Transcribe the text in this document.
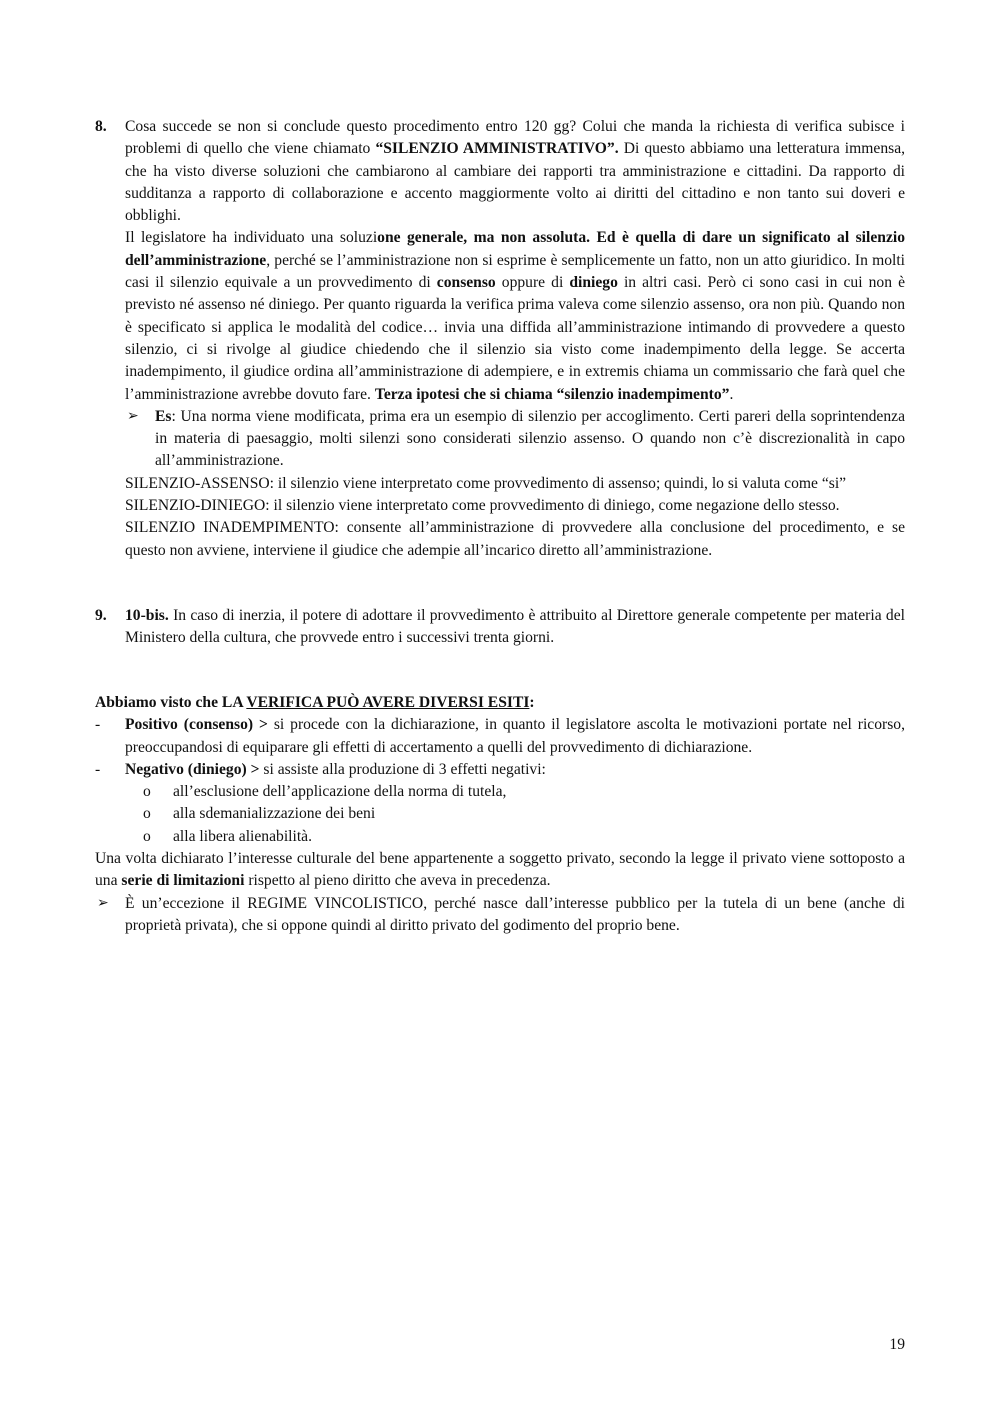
8. Cosa succede se non si conclude questo procedimento entro 120 gg? Colui che manda la richiesta di verifica subisce i problemi di quello che viene chiamato “SILENZIO AMMINISTRATIVO”. Di questo abbiamo una letteratura immensa, che ha visto diverse soluzioni che cambiarono al cambiare dei rapporti tra amministrazione e cittadini. Da rapporto di sudditanza a rapporto di collaborazione e accento maggiormente volto ai diritti del cittadino e non tanto sui doveri e obblighi.

Il legislatore ha individuato una soluzione generale, ma non assoluta. Ed è quella di dare un significato al silenzio dell’amministrazione, perché se l’amministrazione non si esprime è semplicemente un fatto, non un atto giuridico. In molti casi il silenzio equivale a un provvedimento di consenso oppure di diniego in altri casi. Però ci sono casi in cui non è previsto né assenso né diniego. Per quanto riguarda la verifica prima valeva come silenzio assenso, ora non più. Quando non è specificato si applica le modalità del codice… invia una diffida all’amministrazione intimando di provvedere a questo silenzio, ci si rivolge al giudice chiedendo che il silenzio sia visto come inadempimento della legge. Se accerta inadempimento, il giudice ordina all’amministrazione di adempiere, e in extremis chiama un commissario che farà quel che l’amministrazione avrebbe dovuto fare. Terza ipotesi che si chiama “silenzio inadempimento”.

➢ Es: Una norma viene modificata, prima era un esempio di silenzio per accoglimento. Certi pareri della soprintendenza in materia di paesaggio, molti silenzi sono considerati silenzio assenso. O quando non c’è discrezionalità in capo all’amministrazione.

SILENZIO-ASSENSO: il silenzio viene interpretato come provvedimento di assenso; quindi, lo si valuta come “si”

SILENZIO-DINIEGO: il silenzio viene interpretato come provvedimento di diniego, come negazione dello stesso.

SILENZIO INADEMPIMENTO: consente all’amministrazione di provvedere alla conclusione del procedimento, e se questo non avviene, interviene il giudice che adempie all’incarico diretto all’amministrazione.

9. 10-bis. In caso di inerzia, il potere di adottare il provvedimento è attribuito al Direttore generale competente per materia del Ministero della cultura, che provvede entro i successivi trenta giorni.

Abbiamo visto che LA VERIFICA PUÒ AVERE DIVERSI ESITI:

- Positivo (consenso) > si procede con la dichiarazione, in quanto il legislatore ascolta le motivazioni portate nel ricorso, preoccupandosi di equiparare gli effetti di accertamento a quelli del provvedimento di dichiarazione.
- Negativo (diniego) > si assiste alla produzione di 3 effetti negativi:
o all’esclusione dell’applicazione della norma di tutela,
o alla sdemanializzazione dei beni
o alla libera alienabilità.

Una volta dichiarato l’interesse culturale del bene appartenente a soggetto privato, secondo la legge il privato viene sottoposto a una serie di limitazioni rispetto al pieno diritto che aveva in precedenza.

➢ È un’eccezione il REGIME VINCOLISTICO, perché nasce dall’interesse pubblico per la tutela di un bene (anche di proprietà privata), che si oppone quindi al diritto privato del godimento del proprio bene.
19
